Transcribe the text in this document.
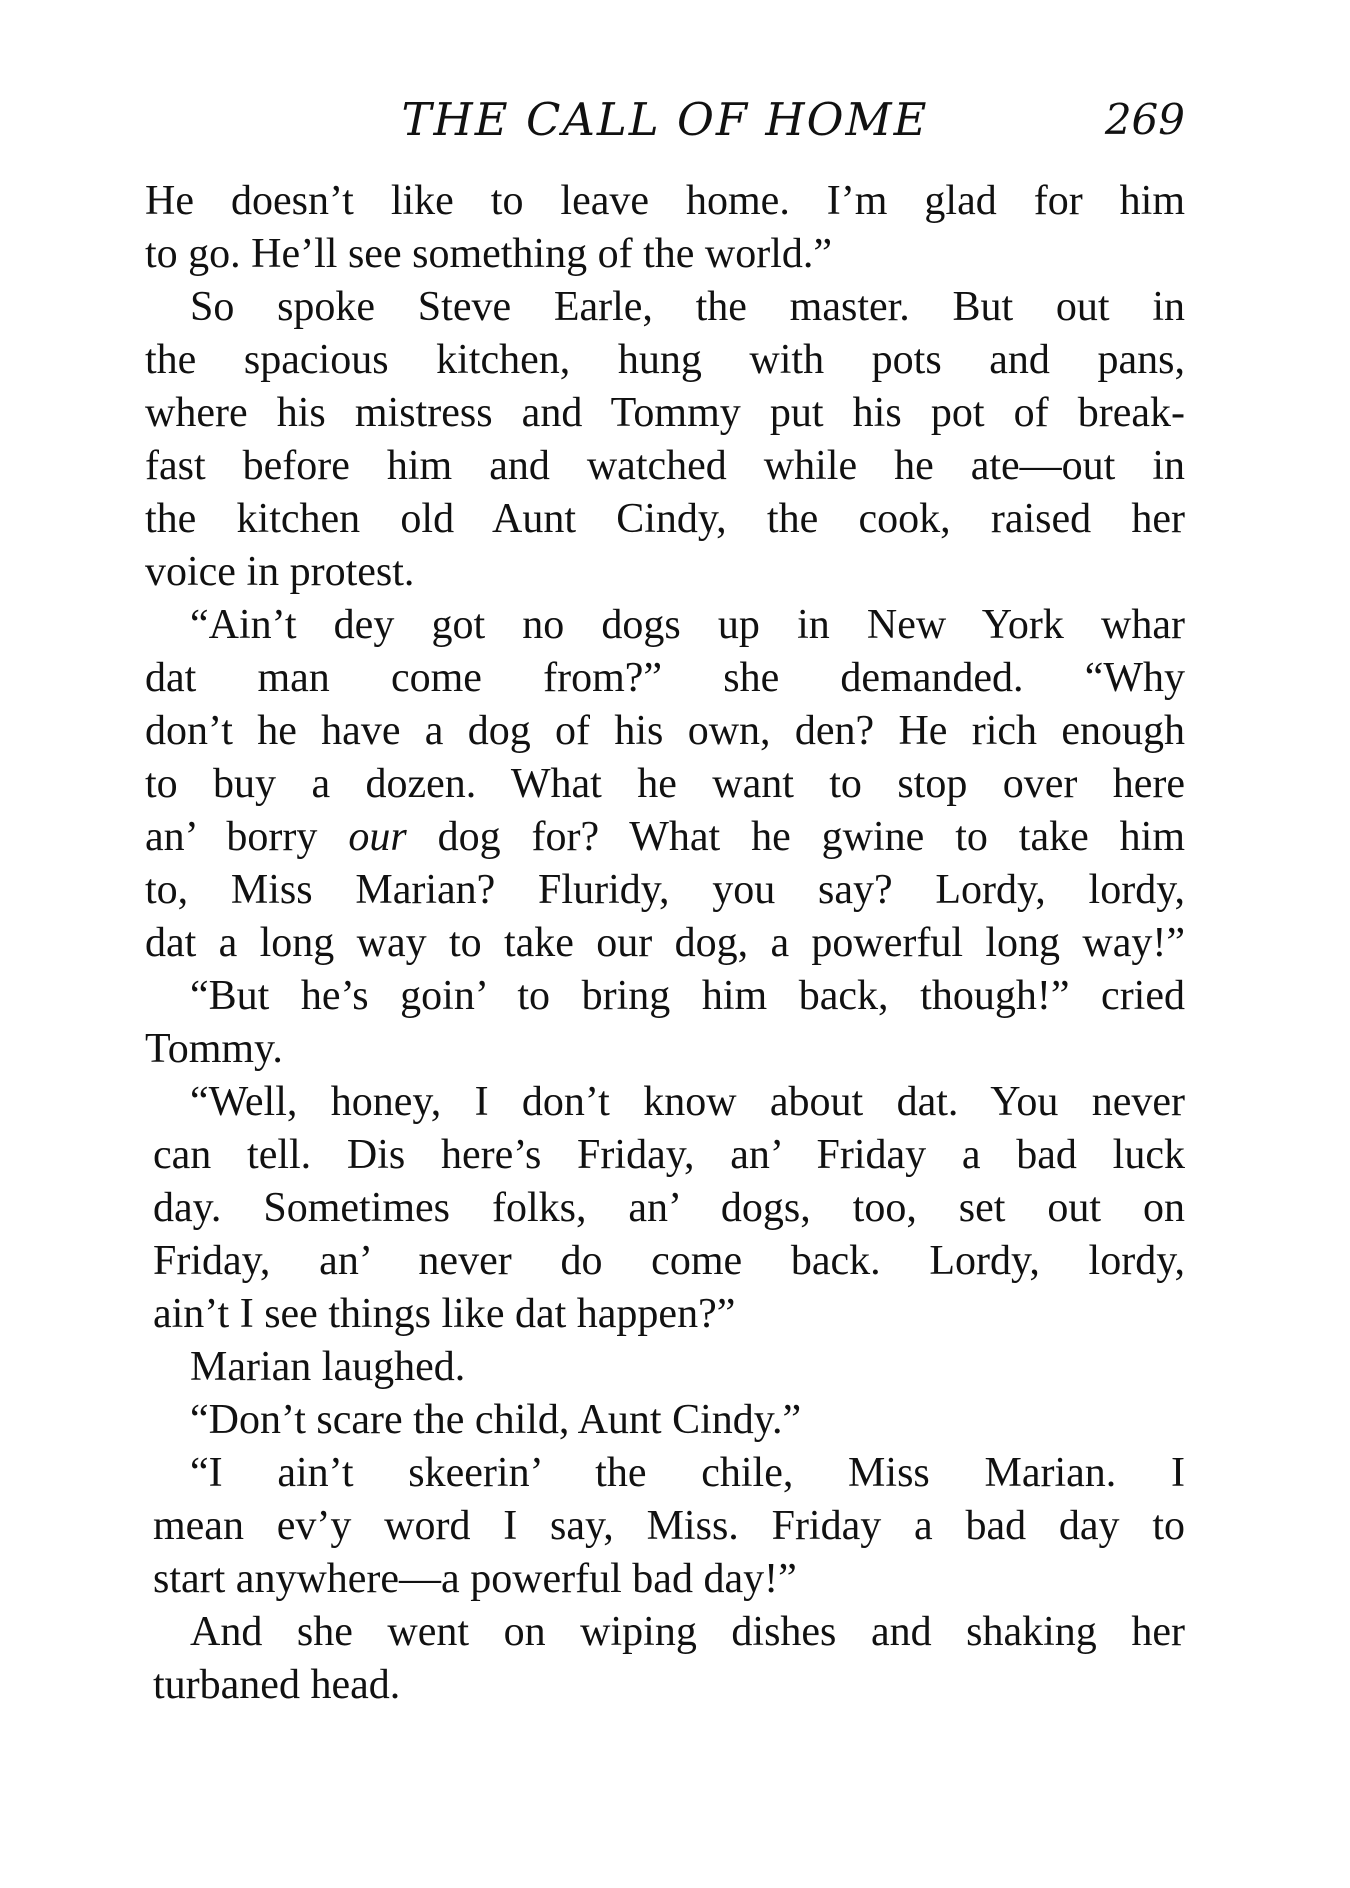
THE CALL OF HOME	269
He doesn’t like to leave home. I’m glad for him
to go. He’ll see something of the world.”
So spoke Steve Earle, the master. But out in
the spacious kitchen, hung with pots and pans,
where his mistress and Tommy put his pot of break-
fast before him and watched while he ate—out in
the kitchen old Aunt Cindy, the cook, raised her
voice in protest.
“Ain’t dey got no dogs up in New York whar
dat man come from?” she demanded. “Why
don’t he have a dog of his own, den? He rich enough
to buy a dozen. What he want to stop over here
an’ borry our dog for? What he gwine to take him
to, Miss Marian? Fluridy, you say? Lordy, lordy,
dat a long way to take our dog, a powerful long way!”
“But he’s goin’ to bring him back, though!” cried
Tommy.
“Well, honey, I don’t know about dat. You never
can tell. Dis here’s Friday, an’ Friday a bad luck
day. Sometimes folks, an’ dogs, too, set out on
Friday, an’ never do come back. Lordy, lordy,
ain’t I see things like dat happen?”
Marian laughed.
“Don’t scare the child, Aunt Cindy.”
“I ain’t skeerin’ the chile, Miss Marian. I
mean ev’y word I say, Miss. Friday a bad day to
start anywhere—a powerful bad day!”
And she went on wiping dishes and shaking her
turbaned head.
